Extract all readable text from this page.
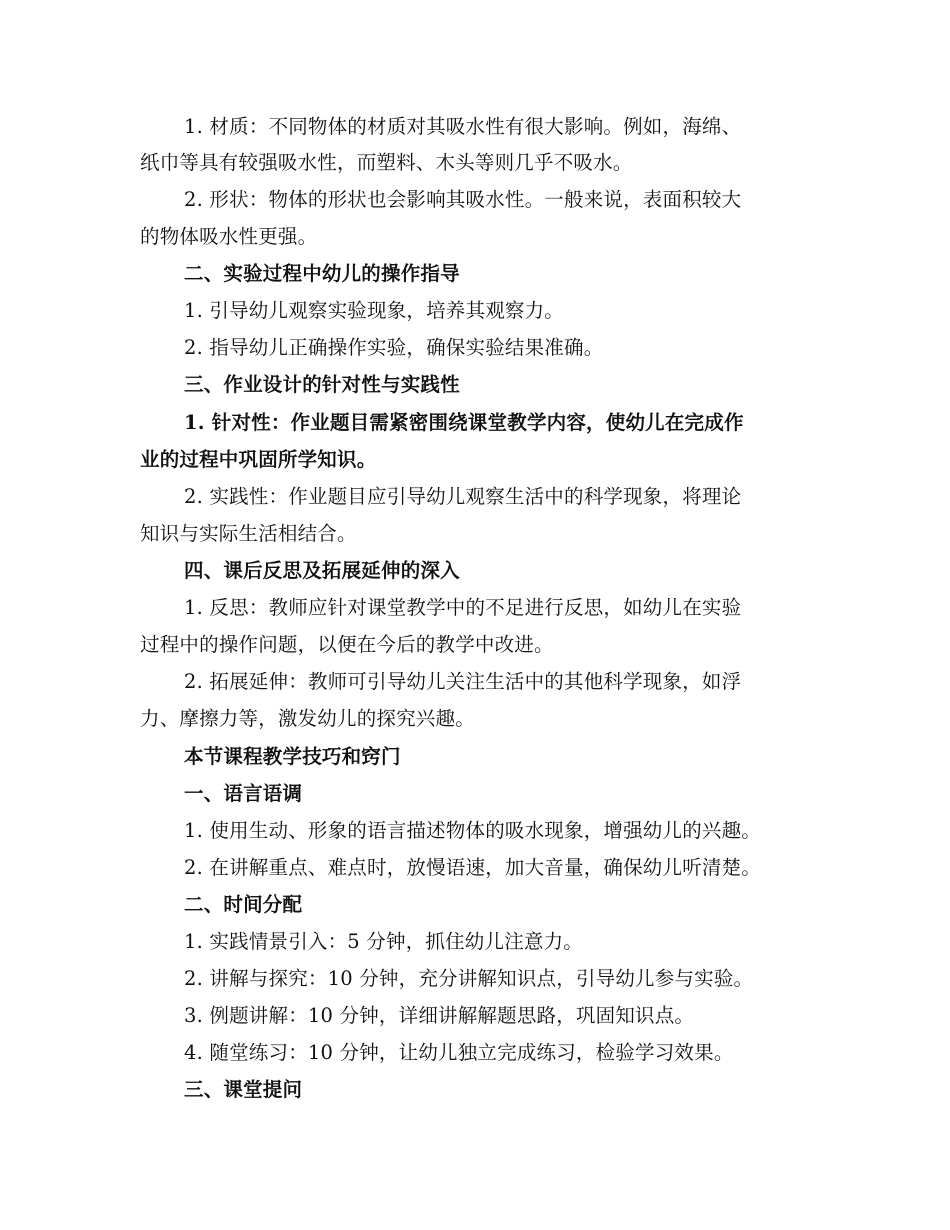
1. 材质：不同物体的材质对其吸水性有很大影响。例如，海绵、
纸巾等具有较强吸水性，而塑料、木头等则几乎不吸水。
2. 形状：物体的形状也会影响其吸水性。一般来说，表面积较大
的物体吸水性更强。
二、实验过程中幼儿的操作指导
1. 引导幼儿观察实验现象，培养其观察力。
2. 指导幼儿正确操作实验，确保实验结果准确。
三、作业设计的针对性与实践性
1. 针对性：作业题目需紧密围绕课堂教学内容，使幼儿在完成作
业的过程中巩固所学知识。
2. 实践性：作业题目应引导幼儿观察生活中的科学现象，将理论
知识与实际生活相结合。
四、课后反思及拓展延伸的深入
1. 反思：教师应针对课堂教学中的不足进行反思，如幼儿在实验
过程中的操作问题，以便在今后的教学中改进。
2. 拓展延伸：教师可引导幼儿关注生活中的其他科学现象，如浮
力、摩擦力等，激发幼儿的探究兴趣。
本节课程教学技巧和窍门
一、语言语调
1. 使用生动、形象的语言描述物体的吸水现象，增强幼儿的兴趣。
2. 在讲解重点、难点时，放慢语速，加大音量，确保幼儿听清楚。
二、时间分配
1. 实践情景引入：5 分钟，抓住幼儿注意力。
2. 讲解与探究：10 分钟，充分讲解知识点，引导幼儿参与实验。
3. 例题讲解：10 分钟，详细讲解解题思路，巩固知识点。
4. 随堂练习：10 分钟，让幼儿独立完成练习，检验学习效果。
三、课堂提问
